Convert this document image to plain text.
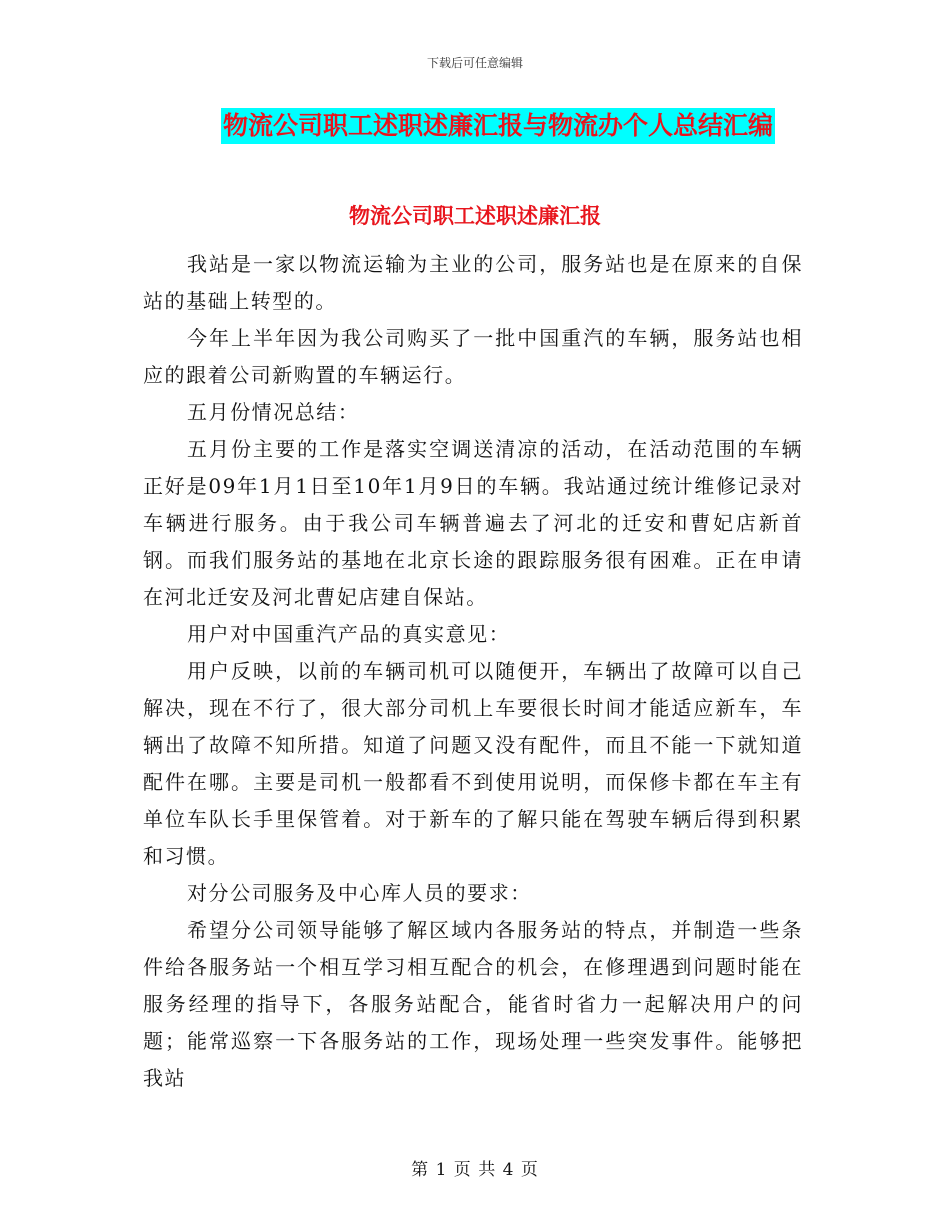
下载后可任意编辑
物流公司职工述职述廉汇报与物流办个人总结汇编
物流公司职工述职述廉汇报

我站是一家以物流运输为主业的公司，服务站也是在原来的自保站的基础上转型的。

今年上半年因为我公司购买了一批中国重汽的车辆，服务站也相应的跟着公司新购置的车辆运行。

五月份情况总结：

五月份主要的工作是落实空调送清凉的活动，在活动范围的车辆正好是09年1月1日至10年1月9日的车辆。我站通过统计维修记录对车辆进行服务。由于我公司车辆普遍去了河北的迁安和曹妃店新首钢。而我们服务站的基地在北京长途的跟踪服务很有困难。正在申请在河北迁安及河北曹妃店建自保站。

用户对中国重汽产品的真实意见：

用户反映，以前的车辆司机可以随便开，车辆出了故障可以自己解决，现在不行了，很大部分司机上车要很长时间才能适应新车，车辆出了故障不知所措。知道了问题又没有配件，而且不能一下就知道配件在哪。主要是司机一般都看不到使用说明，而保修卡都在车主有单位车队长手里保管着。对于新车的了解只能在驾驶车辆后得到积累和习惯。

对分公司服务及中心库人员的要求：

希望分公司领导能够了解区域内各服务站的特点，并制造一些条件给各服务站一个相互学习相互配合的机会，在修理遇到问题时能在服务经理的指导下，各服务站配合，能省时省力一起解决用户的问题；能常巡察一下各服务站的工作，现场处理一些突发事件。能够把我站

第 1 页 共 4 页
